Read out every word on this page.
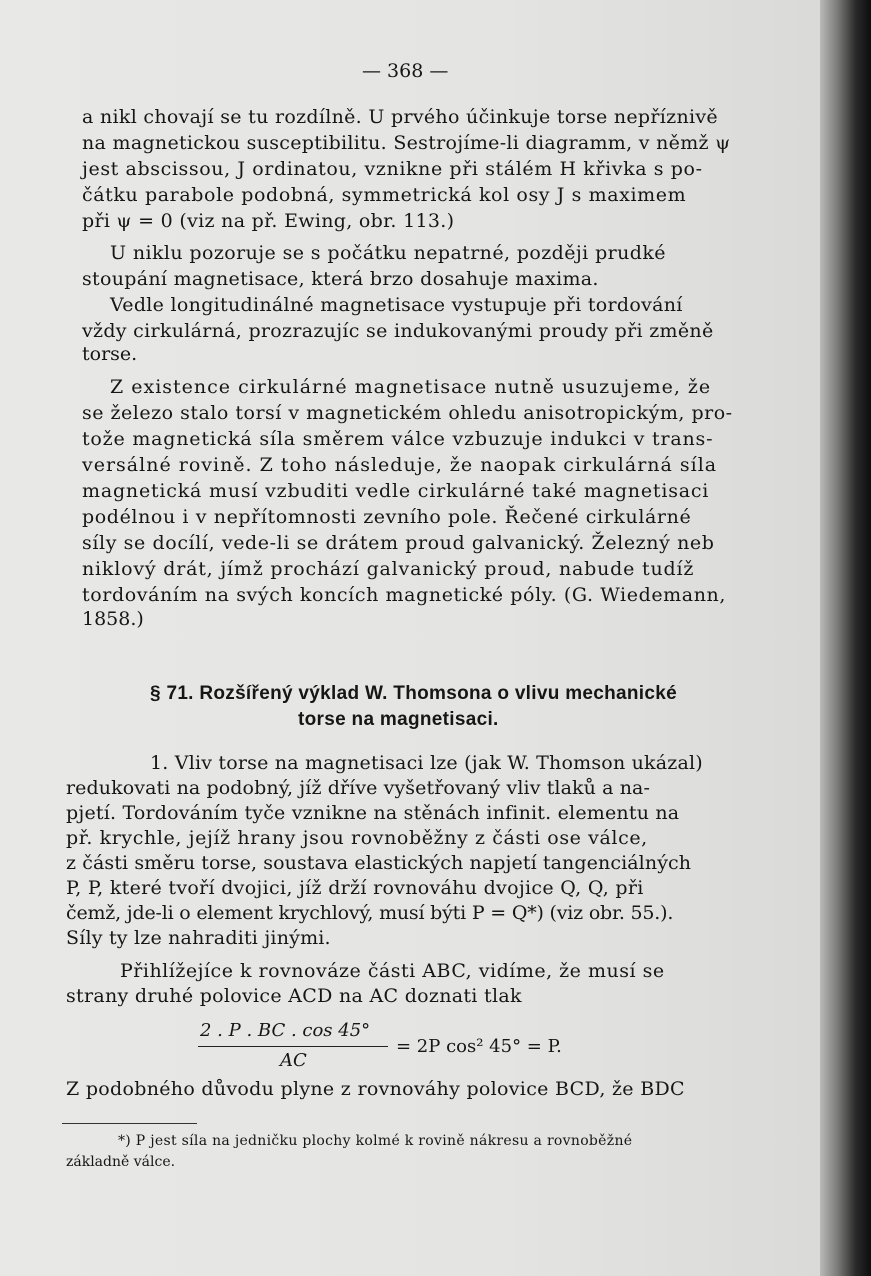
— 368 —
a nikl chovají se tu rozdílně. U prvého účinkuje torse nepříznivě
na magnetickou susceptibilitu. Sestrojíme-li diagramm, v němž ψ
jest abscissou, J ordinatou, vznikne při stálém H křivka s po-
čátku parabole podobná, symmetrická kol osy J s maximem
při ψ = 0 (viz na př. Ewing, obr. 113.)
U niklu pozoruje se s počátku nepatrné, později prudké
stoupání magnetisace, která brzo dosahuje maxima.
Vedle longitudinálné magnetisace vystupuje při tordování
vždy cirkulárná, prozrazujíc se indukovanými proudy při změně
torse.
Z existence cirkulárné magnetisace nutně usuzujeme, že
se železo stalo torsí v magnetickém ohledu anisotropickým, pro-
tože magnetická síla směrem válce vzbuzuje indukci v trans-
versálné rovině. Z toho následuje, že naopak cirkulárná síla
magnetická musí vzbuditi vedle cirkulárné také magnetisaci
podélnou i v nepřítomnosti zevního pole. Řečené cirkulárné
síly se docílí, vede-li se drátem proud galvanický. Železný neb
niklový drát, jímž prochází galvanický proud, nabude tudíž
tordováním na svých koncích magnetické póly. (G. Wiedemann,
1858.)
§ 71. Rozšířený výklad W. Thomsona o vlivu mechanické
torse na magnetisaci.
1. Vliv torse na magnetisaci lze (jak W. Thomson ukázal)
redukovati na podobný, jíž dříve vyšetřovaný vliv tlaků a na-
pjetí. Tordováním tyče vznikne na stěnách infinit. elementu na
př. krychle, jejíž hrany jsou rovnoběžny z části ose válce,
z části směru torse, soustava elastických napjetí tangenciálných
P, P, které tvoří dvojici, jíž drží rovnováhu dvojice Q, Q, při
čemž, jde-li o element krychlový, musí býti P = Q*) (viz obr. 55.).
Síly ty lze nahraditi jinými.
Přihlížejíce k rovnováze části ABC, vidíme, že musí se
strany druhé polovice ACD na AC doznati tlak
2 . P . BC . cos 45°
AC
= 2P cos² 45° = P.
Z podobného důvodu plyne z rovnováhy polovice BCD, že BDC
*) P jest síla na jedničku plochy kolmé k rovině nákresu a rovnoběžné
základně válce.
